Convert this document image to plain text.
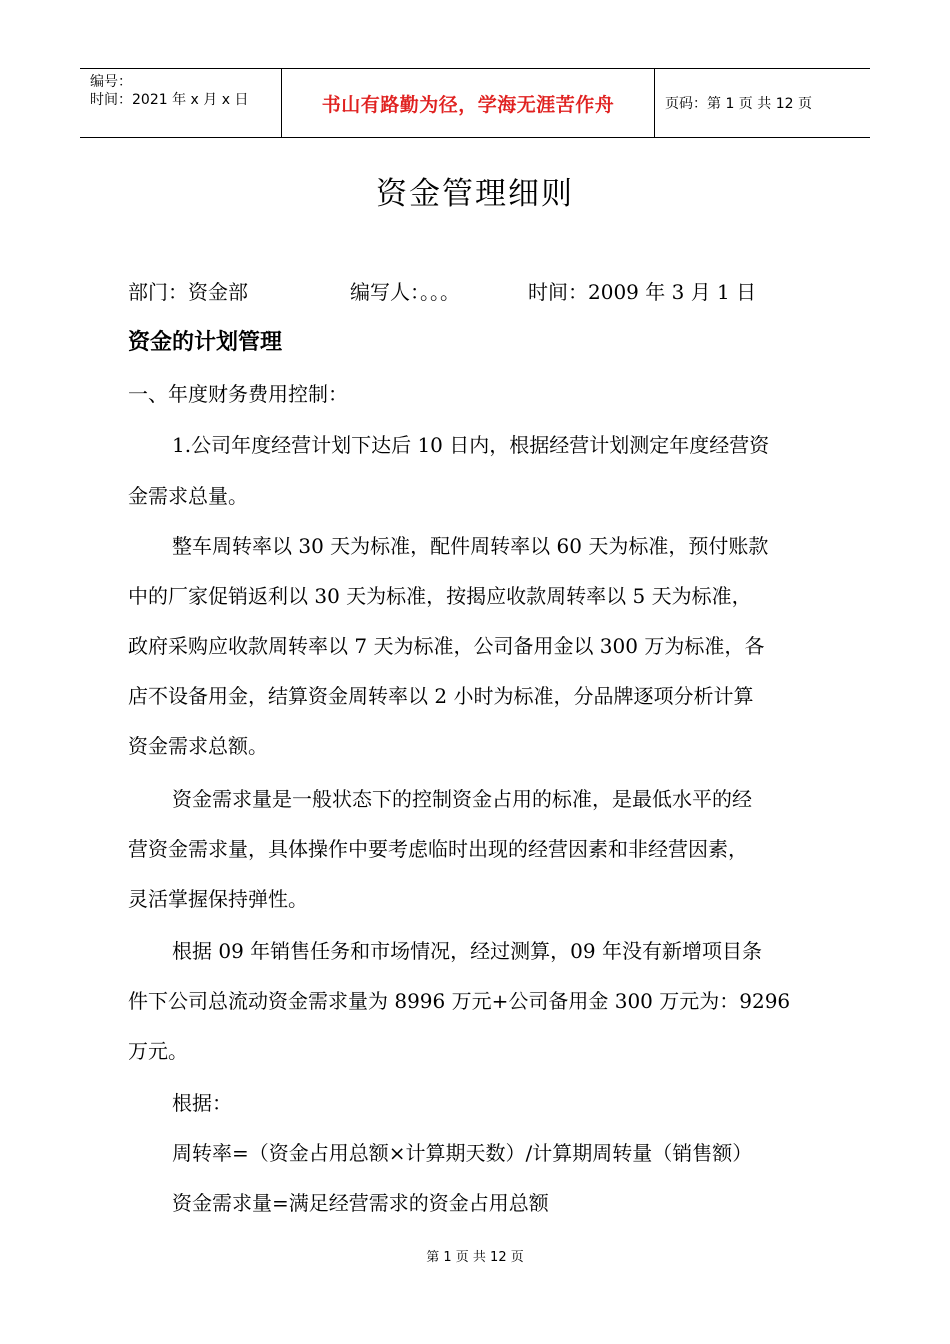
编号：
时间：2021 年 x 月 x 日	书山有路勤为径，学海无涯苦作舟	页码：第 1 页 共 12 页
资金管理细则
部门：资金部	编写人：。。。	时间：2009 年 3 月 1 日
资金的计划管理
一、年度财务费用控制：
1.公司年度经营计划下达后 10 日内，根据经营计划测定年度经营资
金需求总量。
整车周转率以 30 天为标准，配件周转率以 60 天为标准，预付账款
中的厂家促销返利以 30 天为标准，按揭应收款周转率以 5 天为标准，
政府采购应收款周转率以 7 天为标准，公司备用金以 300 万为标准，各
店不设备用金，结算资金周转率以 2 小时为标准，分品牌逐项分析计算
资金需求总额。
资金需求量是一般状态下的控制资金占用的标准，是最低水平的经
营资金需求量，具体操作中要考虑临时出现的经营因素和非经营因素，
灵活掌握保持弹性。
根据 09 年销售任务和市场情况，经过测算，09 年没有新增项目条
件下公司总流动资金需求量为 8996 万元+公司备用金 300 万元为：9296
万元。
根据：
周转率=（资金占用总额×计算期天数）/计算期周转量（销售额）
资金需求量=满足经营需求的资金占用总额
第 1 页 共 12 页
